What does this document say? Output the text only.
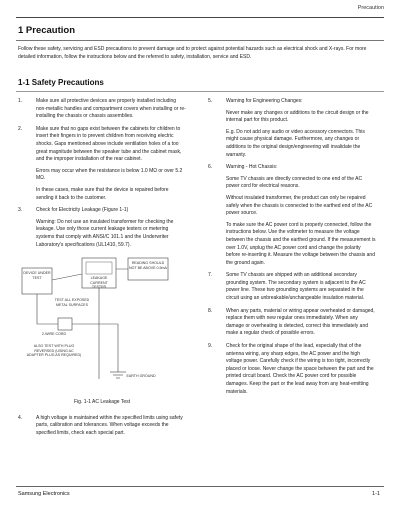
Precaution
1 Precaution
Follow these safety, servicing and ESD precautions to prevent damage and to protect against potential hazards such as electrical shock and X-rays. For more detailed information, follow the instructions below and the referred to safety, installation, service and ESD.
1-1 Safety Precautions
1.	Make sure all protective devices are properly installed including non-metallic handles and compartment covers when installing or re-installing the chassis or chassis assemblies.

2.	Make sure that no gaps exist between the cabinets for children to insert their fingers in to prevent children from receiving electric shocks. Gaps mentioned above include ventilation holes of a too great magnitude between the speaker tube and the cabinet mask, and the improper installation of the rear cabinet.

Errors may occur when the resistance is below 1.0 MΩ or over 5.2 MΩ.

In these cases, make sure that the device is repaired before sending it back to the customer.

3.	Check for Electricity Leakage (Figure 1-1)

Warning: Do not use an insulated transformer for checking the leakage. Use only those current leakage testers or metering systems that comply with ANSI/C 101.1 and the Underwriter Laboratory's specifications (UL1410, 59.7).

DEVICE UNDER TEST	LEAKAGE CURRENT TESTER
READING SHOULD NOT BE ABOVE 0.5mA
TEST ALL EXPOSED METAL SURFACES
2-WIRE CORD
ALSO TEST WITH PLUG REVERSED (USING AC ADAPTER PLUG AS REQUIRED)
EARTH GROUND
Fig. 1-1 AC Leakage Test
4.	A high voltage is maintained within the specified limits using safety parts, calibration and tolerances. When voltage exceeds the specified limits, check each special part.

5.	Warning for Engineering Changes:

Never make any changes or additions to the circuit design or the internal part for this product.

E.g. Do not add any audio or video accessory connectors. This might cause physical damage. Furthermore, any changes or additions to the original design/engineering will invalidate the warranty.

6.	Warning - Hot Chassis:

Some TV chassis are directly connected to one end of the AC power cord for electrical reasons.

Without insulated transformer, the product can only be repaired safely when the chassis is connected to the earthed end of the AC power source.

To make sure the AC power cord is properly connected, follow the instructions below. Use the voltmeter to measure the voltage between the chassis and the earthed ground. If the measurement is over 1.0V, unplug the AC power cord and change the polarity before re-inserting it. Measure the voltage between the chassis and the ground again.

7.	Some TV chassis are shipped with an additional secondary grounding system. The secondary system is adjacent to the AC power line. These two grounding systems are separated in the circuit using an unbreakable/unchangeable insulation material.

8.	When any parts, material or wiring appear overheated or damaged, replace them with new regular ones immediately. When any damage or overheating is detected, correct this immediately and make a regular check of possible errors.

9.	Check for the original shape of the lead, especially that of the antenna wiring, any sharp edges, the AC power and the high voltage power. Carefully check if the wiring is too tight, incorrectly placed or loose. Never change the space between the part and the printed circuit board. Check the AC power cord for possible damages. Keep the part or the lead away from any heat-emitting materials.

Samsung Electronics	1-1
